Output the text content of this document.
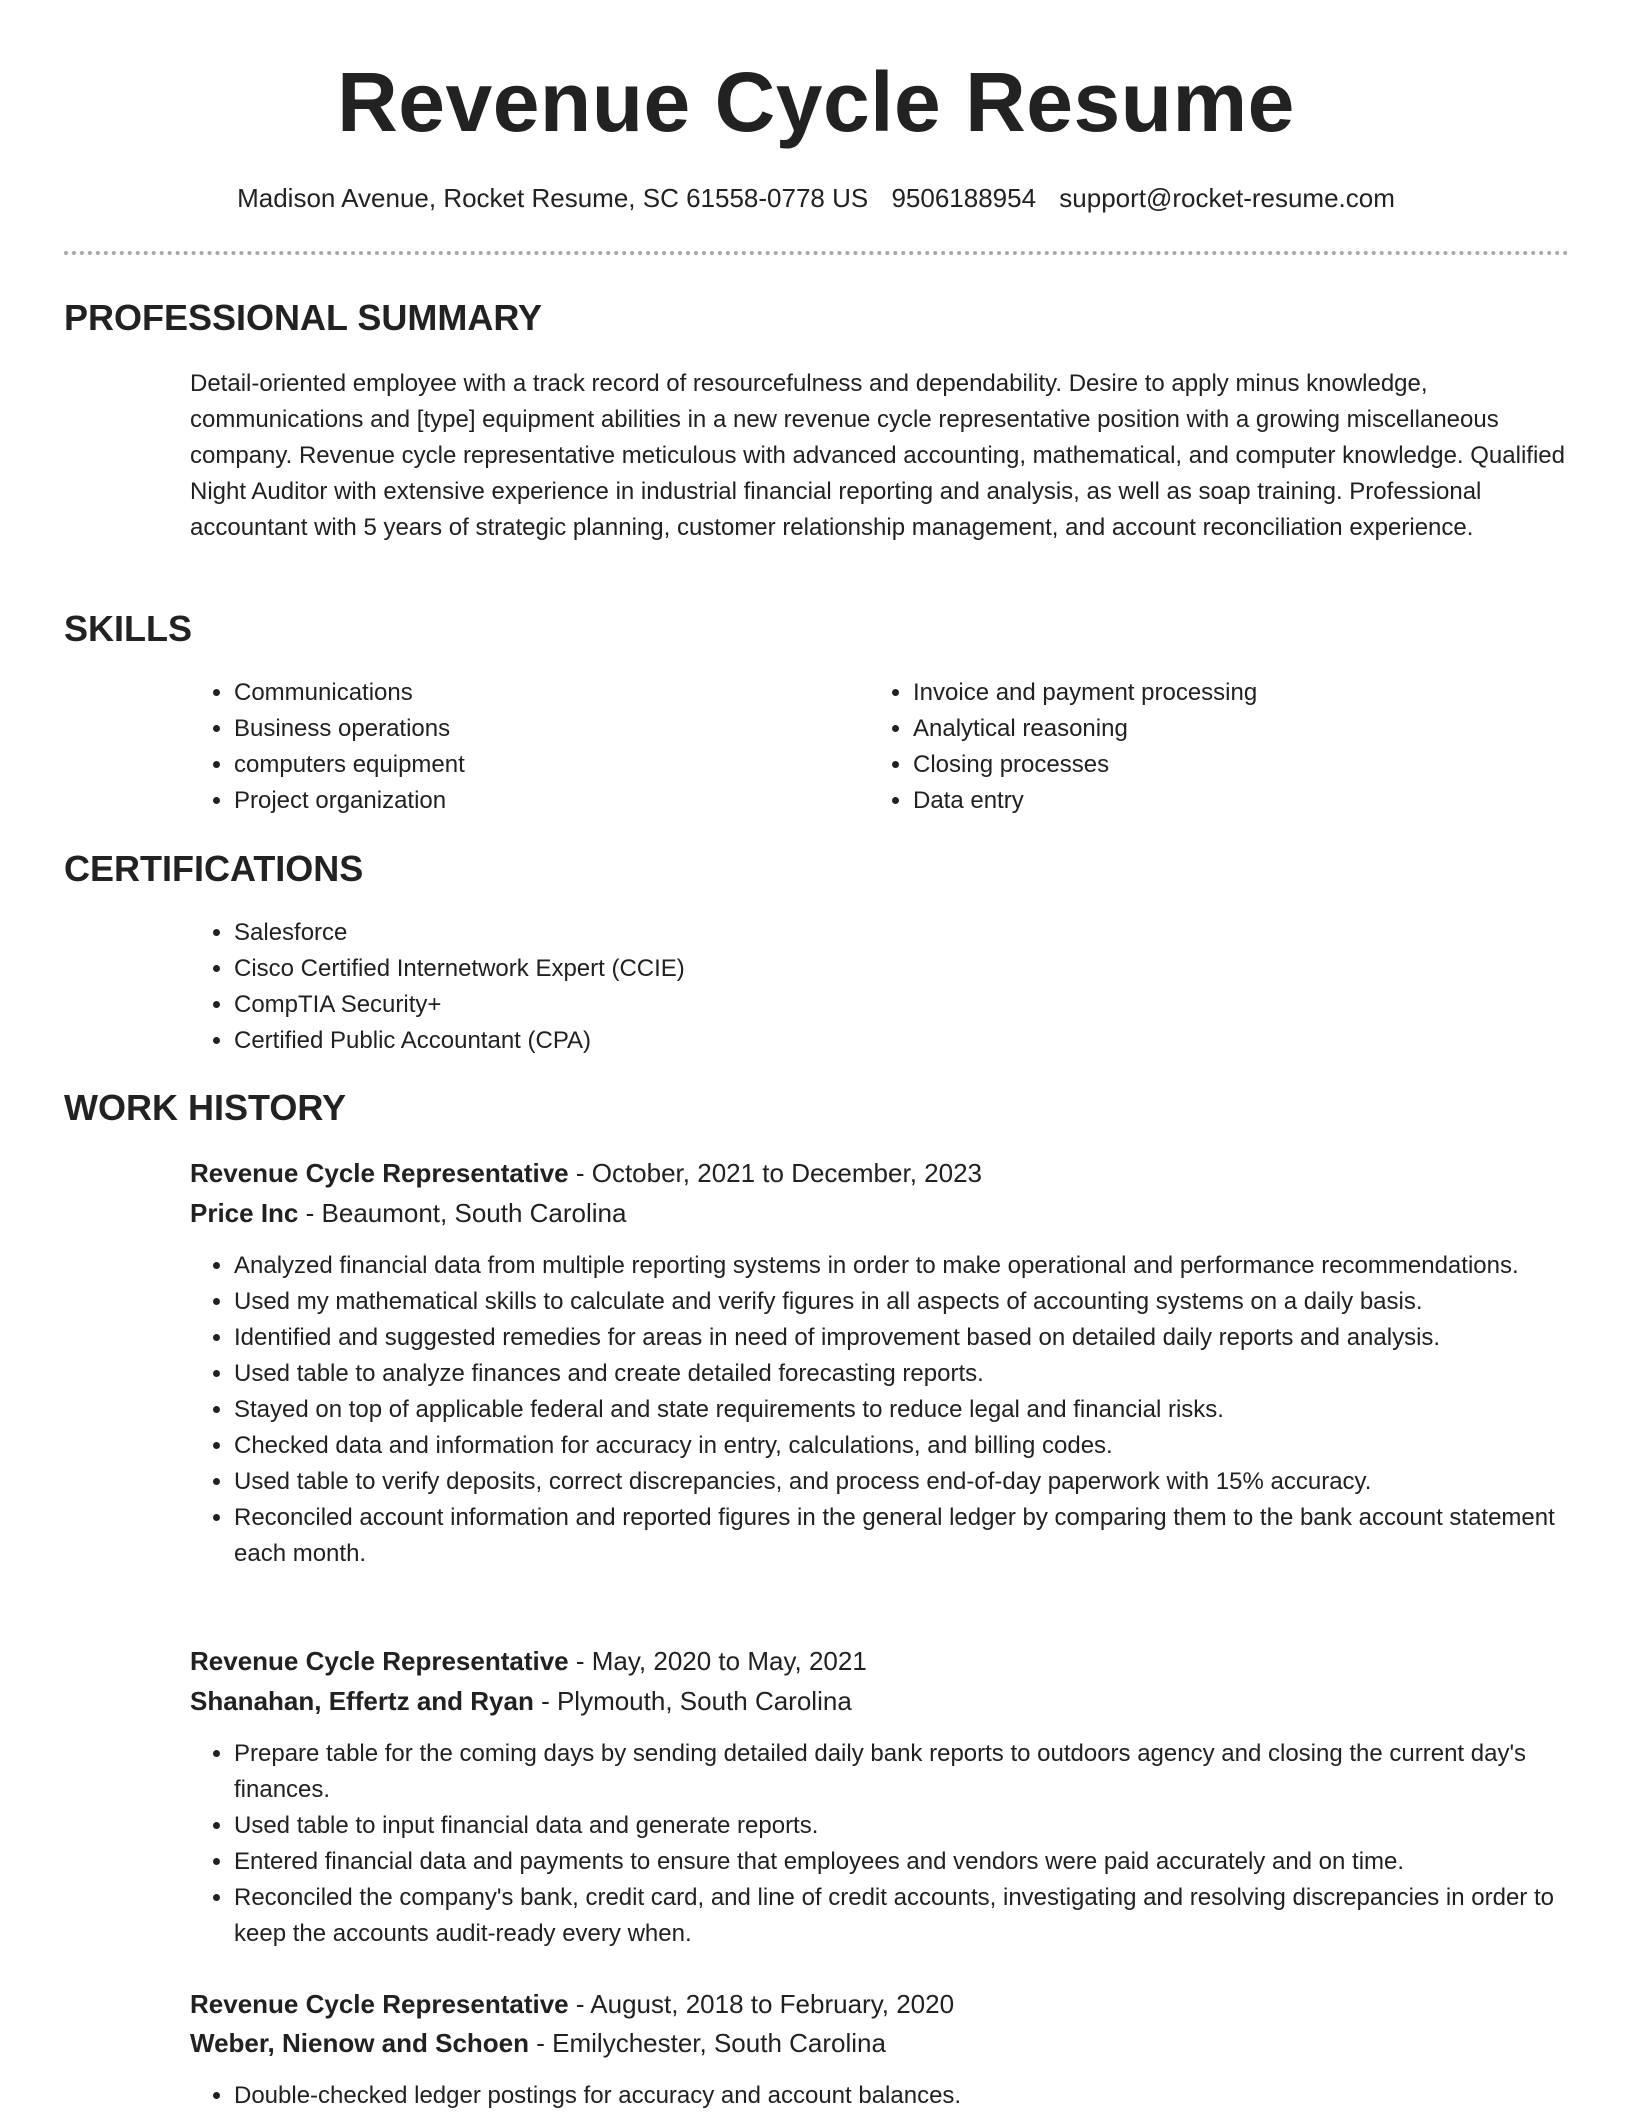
Revenue Cycle Resume
Madison Avenue, Rocket Resume, SC 61558-0778 US 9506188954 support@rocket-resume.com
PROFESSIONAL SUMMARY

Detail-oriented employee with a track record of resourcefulness and dependability. Desire to apply minus knowledge, communications and [type] equipment abilities in a new revenue cycle representative position with a growing miscellaneous company. Revenue cycle representative meticulous with advanced accounting, mathematical, and computer knowledge. Qualified Night Auditor with extensive experience in industrial financial reporting and analysis, as well as soap training. Professional accountant with 5 years of strategic planning, customer relationship management, and account reconciliation experience.

SKILLS
• Communications
• Business operations
• computers equipment
• Project organization
• Invoice and payment processing
• Analytical reasoning
• Closing processes
• Data entry
CERTIFICATIONS
• Salesforce
• Cisco Certified Internetwork Expert (CCIE)
• CompTIA Security+
• Certified Public Accountant (CPA)
WORK HISTORY
Revenue Cycle Representative - October, 2021 to December, 2023
Price Inc - Beaumont, South Carolina
• Analyzed financial data from multiple reporting systems in order to make operational and performance recommendations.
• Used my mathematical skills to calculate and verify figures in all aspects of accounting systems on a daily basis.
• Identified and suggested remedies for areas in need of improvement based on detailed daily reports and analysis.
• Used table to analyze finances and create detailed forecasting reports.
• Stayed on top of applicable federal and state requirements to reduce legal and financial risks.
• Checked data and information for accuracy in entry, calculations, and billing codes.
• Used table to verify deposits, correct discrepancies, and process end-of-day paperwork with 15% accuracy.
• Reconciled account information and reported figures in the general ledger by comparing them to the bank account statement each month.
Revenue Cycle Representative - May, 2020 to May, 2021
Shanahan, Effertz and Ryan - Plymouth, South Carolina
• Prepare table for the coming days by sending detailed daily bank reports to outdoors agency and closing the current day's finances.
• Used table to input financial data and generate reports.
• Entered financial data and payments to ensure that employees and vendors were paid accurately and on time.
• Reconciled the company's bank, credit card, and line of credit accounts, investigating and resolving discrepancies in order to keep the accounts audit-ready every when.
Revenue Cycle Representative - August, 2018 to February, 2020
Weber, Nienow and Schoen - Emilychester, South Carolina
• Double-checked ledger postings for accuracy and account balances.
